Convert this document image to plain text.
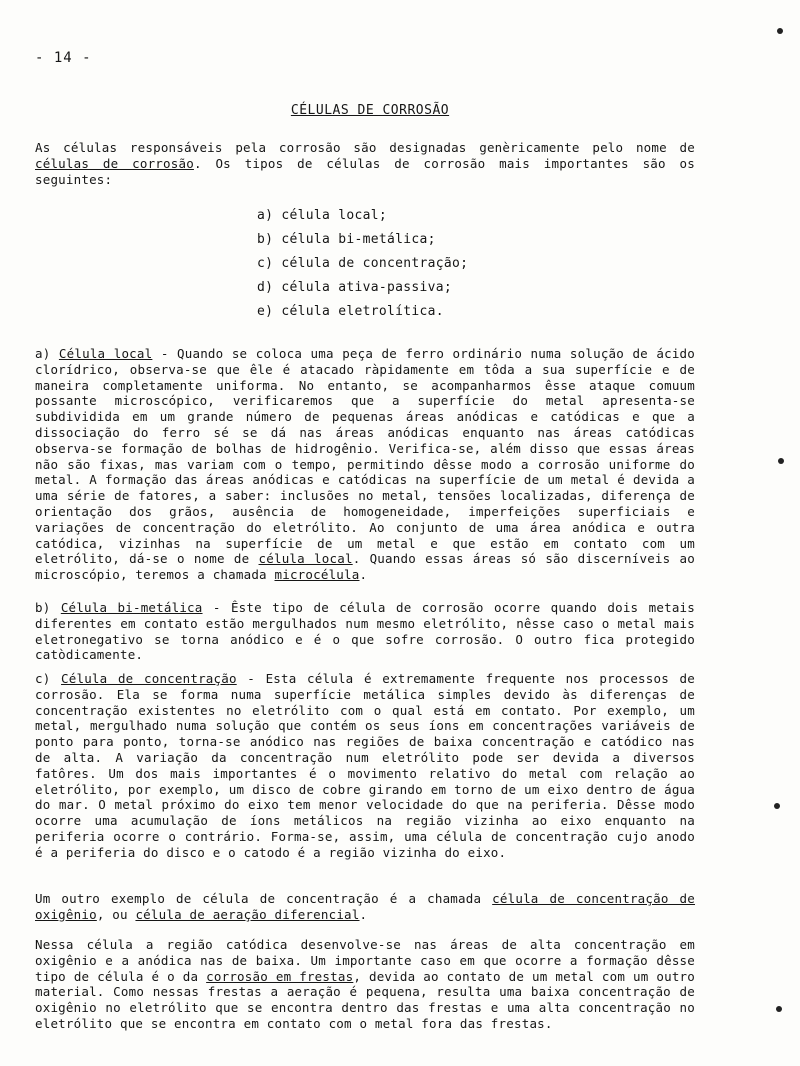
- 14 -
CÉLULAS DE CORROSÃO

As células responsáveis pela corrosão são designadas genèricamente pelo nome de células de corrosão. Os tipos de células de corrosão mais importantes são os seguintes:

a) célula local;
b) célula bi-metálica;
c) célula de concentração;
d) célula ativa-passiva;
e) célula eletrolítica.

a) Célula local - Quando se coloca uma peça de ferro ordinário numa solução de ácido clorídrico, observa-se que êle é atacado ràpidamente em tôda a sua superfície e de maneira completamente uniforma. No entanto, se acompanharmos êsse ataque comuum possante microscópico, verificaremos que a superfície do metal apresenta-se subdividida em um grande número de pequenas áreas anódicas e catódicas e que a dissociação do ferro sé se dá nas áreas anódicas enquanto nas áreas catódicas observa-se formação de bolhas de hidrogênio. Verifica-se, além disso que essas áreas não são fixas, mas variam com o tempo, permitindo dêsse modo a corrosão uniforme do metal. A formação das áreas anódicas e catódicas na superfície de um metal é devida a uma série de fatores, a saber: inclusões no metal, tensões localizadas, diferença de orientação dos grãos, ausência de homogeneidade, imperfeições superficiais e variações de concentração do eletrólito. Ao conjunto de uma área anódica e outra catódica, vizinhas na superfície de um metal e que estão em contato com um eletrólito, dá-se o nome de célula local. Quando essas áreas só são discerníveis ao microscópio, teremos a chamada microcélula.

b) Célula bi-metálica - Êste tipo de célula de corrosão ocorre quando dois metais diferentes em contato estão mergulhados num mesmo eletrólito, nêsse caso o metal mais eletronegativo se torna anódico e é o que sofre corrosão. O outro fica protegido catòdicamente.

c) Célula de concentração - Esta célula é extremamente frequente nos processos de corrosão. Ela se forma numa superfície metálica simples devido às diferenças de concentração existentes no eletrólito com o qual está em contato. Por exemplo, um metal, mergulhado numa solução que contém os seus íons em concentrações variáveis de ponto para ponto, torna-se anódico nas regiões de baixa concentração e catódico nas de alta. A variação da concentração num eletrólito pode ser devida a diversos fatôres. Um dos mais importantes é o movimento relativo do metal com relação ao eletrólito, por exemplo, um disco de cobre girando em torno de um eixo dentro de água do mar. O metal próximo do eixo tem menor velocidade do que na periferia. Dêsse modo ocorre uma acumulação de íons metálicos na região vizinha ao eixo enquanto na periferia ocorre o contrário. Forma-se, assim, uma célula de concentração cujo anodo é a periferia do disco e o catodo é a região vizinha do eixo.

Um outro exemplo de célula de concentração é a chamada célula de concentração de oxigênio, ou célula de aeração diferencial.

Nessa célula a região catódica desenvolve-se nas áreas de alta concentração em oxigênio e a anódica nas de baixa. Um importante caso em que ocorre a formação dêsse tipo de célula é o da corrosão em frestas, devida ao contato de um metal com um outro material. Como nessas frestas a aeração é pequena, resulta uma baixa concentração de oxigênio no eletrólito que se encontra dentro das frestas e uma alta concentração no eletrólito que se encontra em contato com o metal fora das frestas.
